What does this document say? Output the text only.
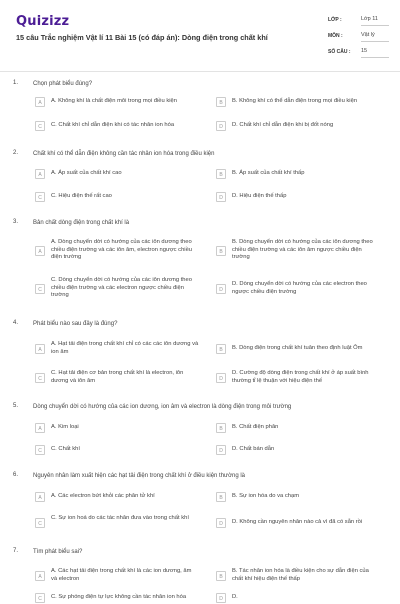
Quizizz
15 câu Trắc nghiệm Vật lí 11 Bài 15 (có đáp án): Dòng điện trong chất khí
LỚP :	Lớp 11
MÔN :	Vật lý
SỐ CÂU : 15
1. Chọn phát biểu đúng?
A	A. Không khí là chất điện môi trong mọi điều kiện	B	B. Không khí có thể dẫn điện trong mọi điều kiện
C	C. Chất khí chỉ dẫn điện khi có tác nhân ion hóa	D	D. Chất khí chỉ dẫn điện khi bị đốt nóng
2. Chất khí có thể dẫn điện không cần tác nhân ion hóa trong điều kiện
A	A. Áp suất của chất khí cao	B	B. Áp suất của chất khí thấp
C	C. Hiệu điện thế rất cao	D	D. Hiệu điện thế thấp
3. Bản chất dòng điện trong chất khí là
A
A. Dòng chuyển dời có hướng của các iôn dương theo chiều điện trường và các iôn âm, electron ngược chiều điện trường
B
B. Dòng chuyển dời có hướng của các iôn dương theo chiều điện trường và các iôn âm ngược chiều điện trường
C
C. Dòng chuyển dời có hướng của các iôn dương theo chiều điện trường và các electron ngược chiều điện trường
D
D. Dòng chuyển dời có hướng của các electron theo ngược chiều điện trường
4. Phát biểu nào sau đây là đúng?
A
A. Hạt tải điện trong chất khí chỉ có các các iôn dương và ion âm	B	B. Dòng điện trong chất khí tuân theo định luật Ôm
C
C. Hạt tải điện cơ bản trong chất khí là electron, iôn dương và iôn âm	D
D. Cường độ dòng điện trong chất khí ở áp suất bình thường tỉ lệ thuận với hiệu điện thế
5. Dòng chuyển dời có hướng của các ion dương, ion âm và electron là dòng điện trong môi trường
A	A. Kim loại	B	B. Chất điện phân
C	C. Chất khí	D	D. Chất bán dẫn
6. Nguyên nhân làm xuất hiện các hạt tải điện trong chất khí ở điều kiện thường là
A	A. Các electron bứt khỏi các phân tử khí	B	B. Sự ion hóa do va chạm
C
C. Sự ion hoá do các tác nhân đưa vào trong chất khí
D	D. Không cần nguyên nhân nào cả vì đã có sẵn rồi
7. Tìm phát biểu sai?
A
A. Các hạt tải điện trong chất khí là các ion dương, âm và electron	B
B. Tác nhân ion hóa là điều kiện cho sự dẫn điện của chất khí hiệu điện thế thấp
C	C. Sự phóng điện tự lực không cần tác nhân ion hóa	D	D.
